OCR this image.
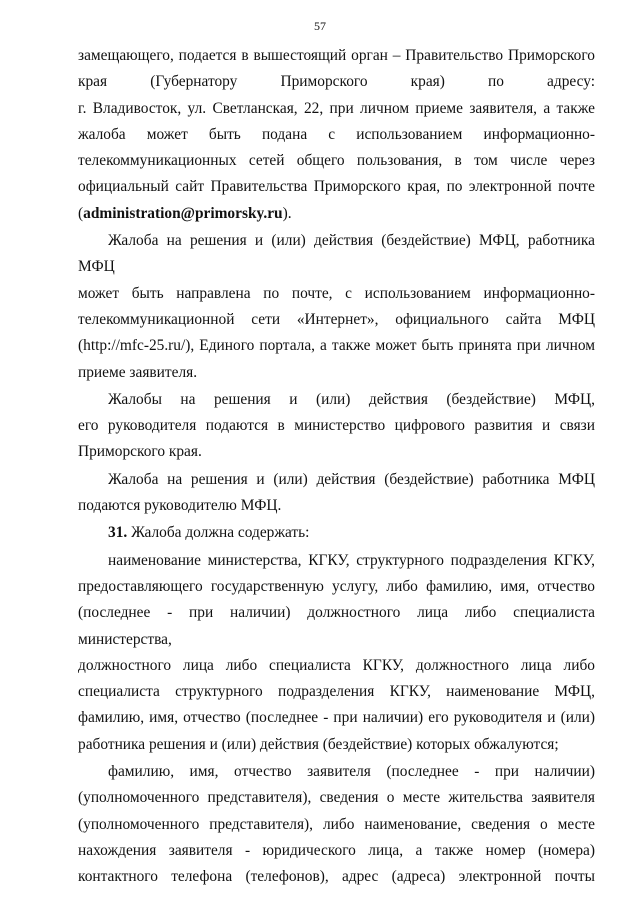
57

замещающего, подается в вышестоящий орган – Правительство Приморского

края (Губернатору Приморского края) по адресу:

г. Владивосток, ул. Светланская, 22, при личном приеме заявителя, а также

жалоба может быть подана с использованием информационно-

телекоммуникационных сетей общего пользования, в том числе через

официальный сайт Правительства Приморского края, по электронной почте

(administration@primorsky.ru).

Жалоба на решения и (или) действия (бездействие) МФЦ, работника МФЦ

может быть направлена по почте, с использованием информационно-

телекоммуникационной сети «Интернет», официального сайта МФЦ

(http://mfc-25.ru/), Единого портала, а также может быть принята при личном

приеме заявителя.

Жалобы на решения и (или) действия (бездействие) МФЦ,

его руководителя подаются в министерство цифрового развития и связи

Приморского края.

Жалоба на решения и (или) действия (бездействие) работника МФЦ

подаются руководителю МФЦ.

31. Жалоба должна содержать:

наименование министерства, КГКУ, структурного подразделения КГКУ,

предоставляющего государственную услугу, либо фамилию, имя, отчество

(последнее - при наличии) должностного лица либо специалиста министерства,

должностного лица либо специалиста КГКУ, должностного лица либо

специалиста структурного подразделения КГКУ, наименование МФЦ,

фамилию, имя, отчество (последнее - при наличии) его руководителя и (или)

работника решения и (или) действия (бездействие) которых обжалуются;

фамилию, имя, отчество заявителя (последнее - при наличии)

(уполномоченного представителя), сведения о месте жительства заявителя

(уполномоченного представителя), либо наименование, сведения о месте

нахождения заявителя - юридического лица, а также номер (номера)

контактного телефона (телефонов), адрес (адреса) электронной почты
